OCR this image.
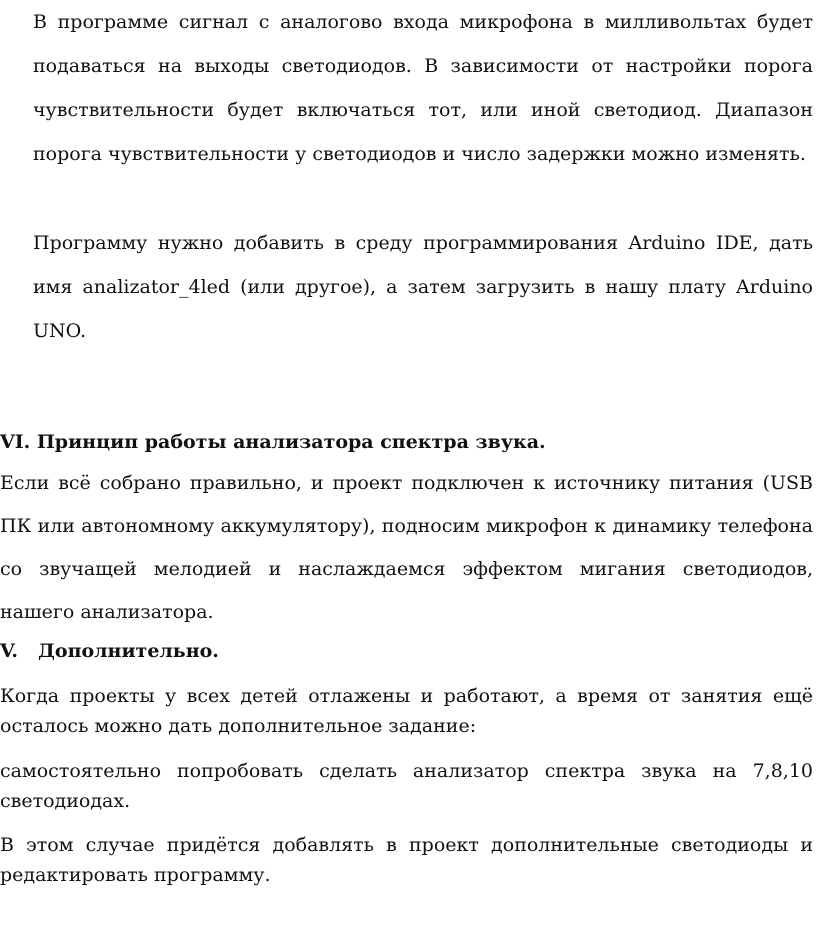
В программе сигнал с аналогово входа микрофона в милливольтах будет подаваться на выходы светодиодов. В зависимости от настройки порога чувствительности будет включаться тот, или иной светодиод. Диапазон порога чувствительности у светодиодов и число задержки можно изменять.

Программу нужно добавить в среду программирования Arduino IDE, дать имя analizator_4led (или другое), а затем загрузить в нашу плату Arduino UNO.

VI. Принцип работы анализатора спектра звука.

Если всё собрано правильно, и проект подключен к источнику питания (USB ПК или автономному аккумулятору), подносим микрофон к динамику телефона со звучащей мелодией и наслаждаемся эффектом мигания светодиодов, нашего анализатора.

V. Дополнительно.

Когда проекты у всех детей отлажены и работают, а время от занятия ещё осталось можно дать дополнительное задание:

самостоятельно попробовать сделать анализатор спектра звука на 7,8,10 светодиодах.

В этом случае придётся добавлять в проект дополнительные светодиоды и редактировать программу.
